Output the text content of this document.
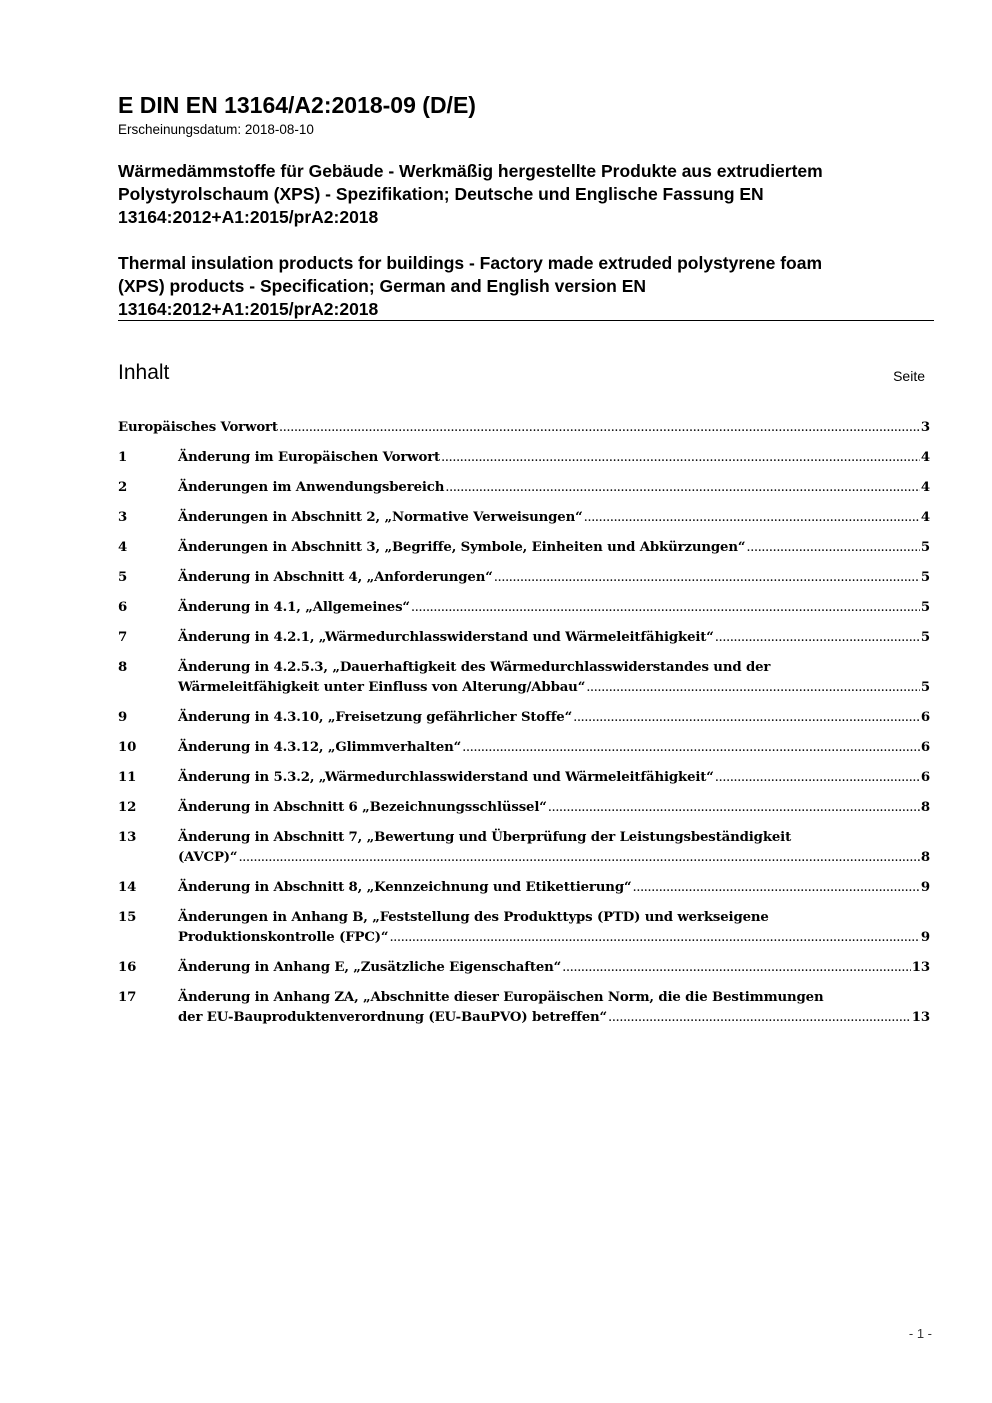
E DIN EN 13164/A2:2018-09 (D/E)
Erscheinungsdatum: 2018-08-10
Wärmedämmstoffe für Gebäude - Werkmäßig hergestellte Produkte aus extrudiertem
Polystyrolschaum (XPS) - Spezifikation; Deutsche und Englische Fassung EN
13164:2012+A1:2015/prA2:2018
Thermal insulation products for buildings - Factory made extruded polystyrene foam
(XPS) products - Specification; German and English version EN
13164:2012+A1:2015/prA2:2018
Inhalt	Seite
Europäisches Vorwort .....	3
1	Änderung im Europäischen Vorwort .....	4
2	Änderungen im Anwendungsbereich .....	4
3	Änderungen in Abschnitt 2, „Normative Verweisungen“ .....	4
4	Änderungen in Abschnitt 3, „Begriffe, Symbole, Einheiten und Abkürzungen“ .....	5
5	Änderung in Abschnitt 4, „Anforderungen“ .....	5
6	Änderung in 4.1, „Allgemeines“ .....	5
7	Änderung in 4.2.1, „Wärmedurchlasswiderstand und Wärmeleitfähigkeit“ .....	5
8	Änderung in 4.2.5.3, „Dauerhaftigkeit des Wärmedurchlasswiderstandes und der
Wärmeleitfähigkeit unter Einfluss von Alterung/Abbau“ .....	5
9	Änderung in 4.3.10, „Freisetzung gefährlicher Stoffe“ .....	6
10	Änderung in 4.3.12, „Glimmverhalten“ .....	6
11	Änderung in 5.3.2, „Wärmedurchlasswiderstand und Wärmeleitfähigkeit“ .....	6
12	Änderung in Abschnitt 6 „Bezeichnungsschlüssel“ .....	8
13	Änderung in Abschnitt 7, „Bewertung und Überprüfung der Leistungsbeständigkeit
(AVCP)“ .....	8
14	Änderung in Abschnitt 8, „Kennzeichnung und Etikettierung“ .....	9
15	Änderungen in Anhang B, „Feststellung des Produkttyps (PTD) und werkseigene
Produktionskontrolle (FPC)“ .....	9
16	Änderung in Anhang E, „Zusätzliche Eigenschaften“ .....	13
17	Änderung in Anhang ZA, „Abschnitte dieser Europäischen Norm, die die Bestimmungen
der EU-Bauproduktenverordnung (EU-BauPVO) betreffen“ .....	13
- 1 -
